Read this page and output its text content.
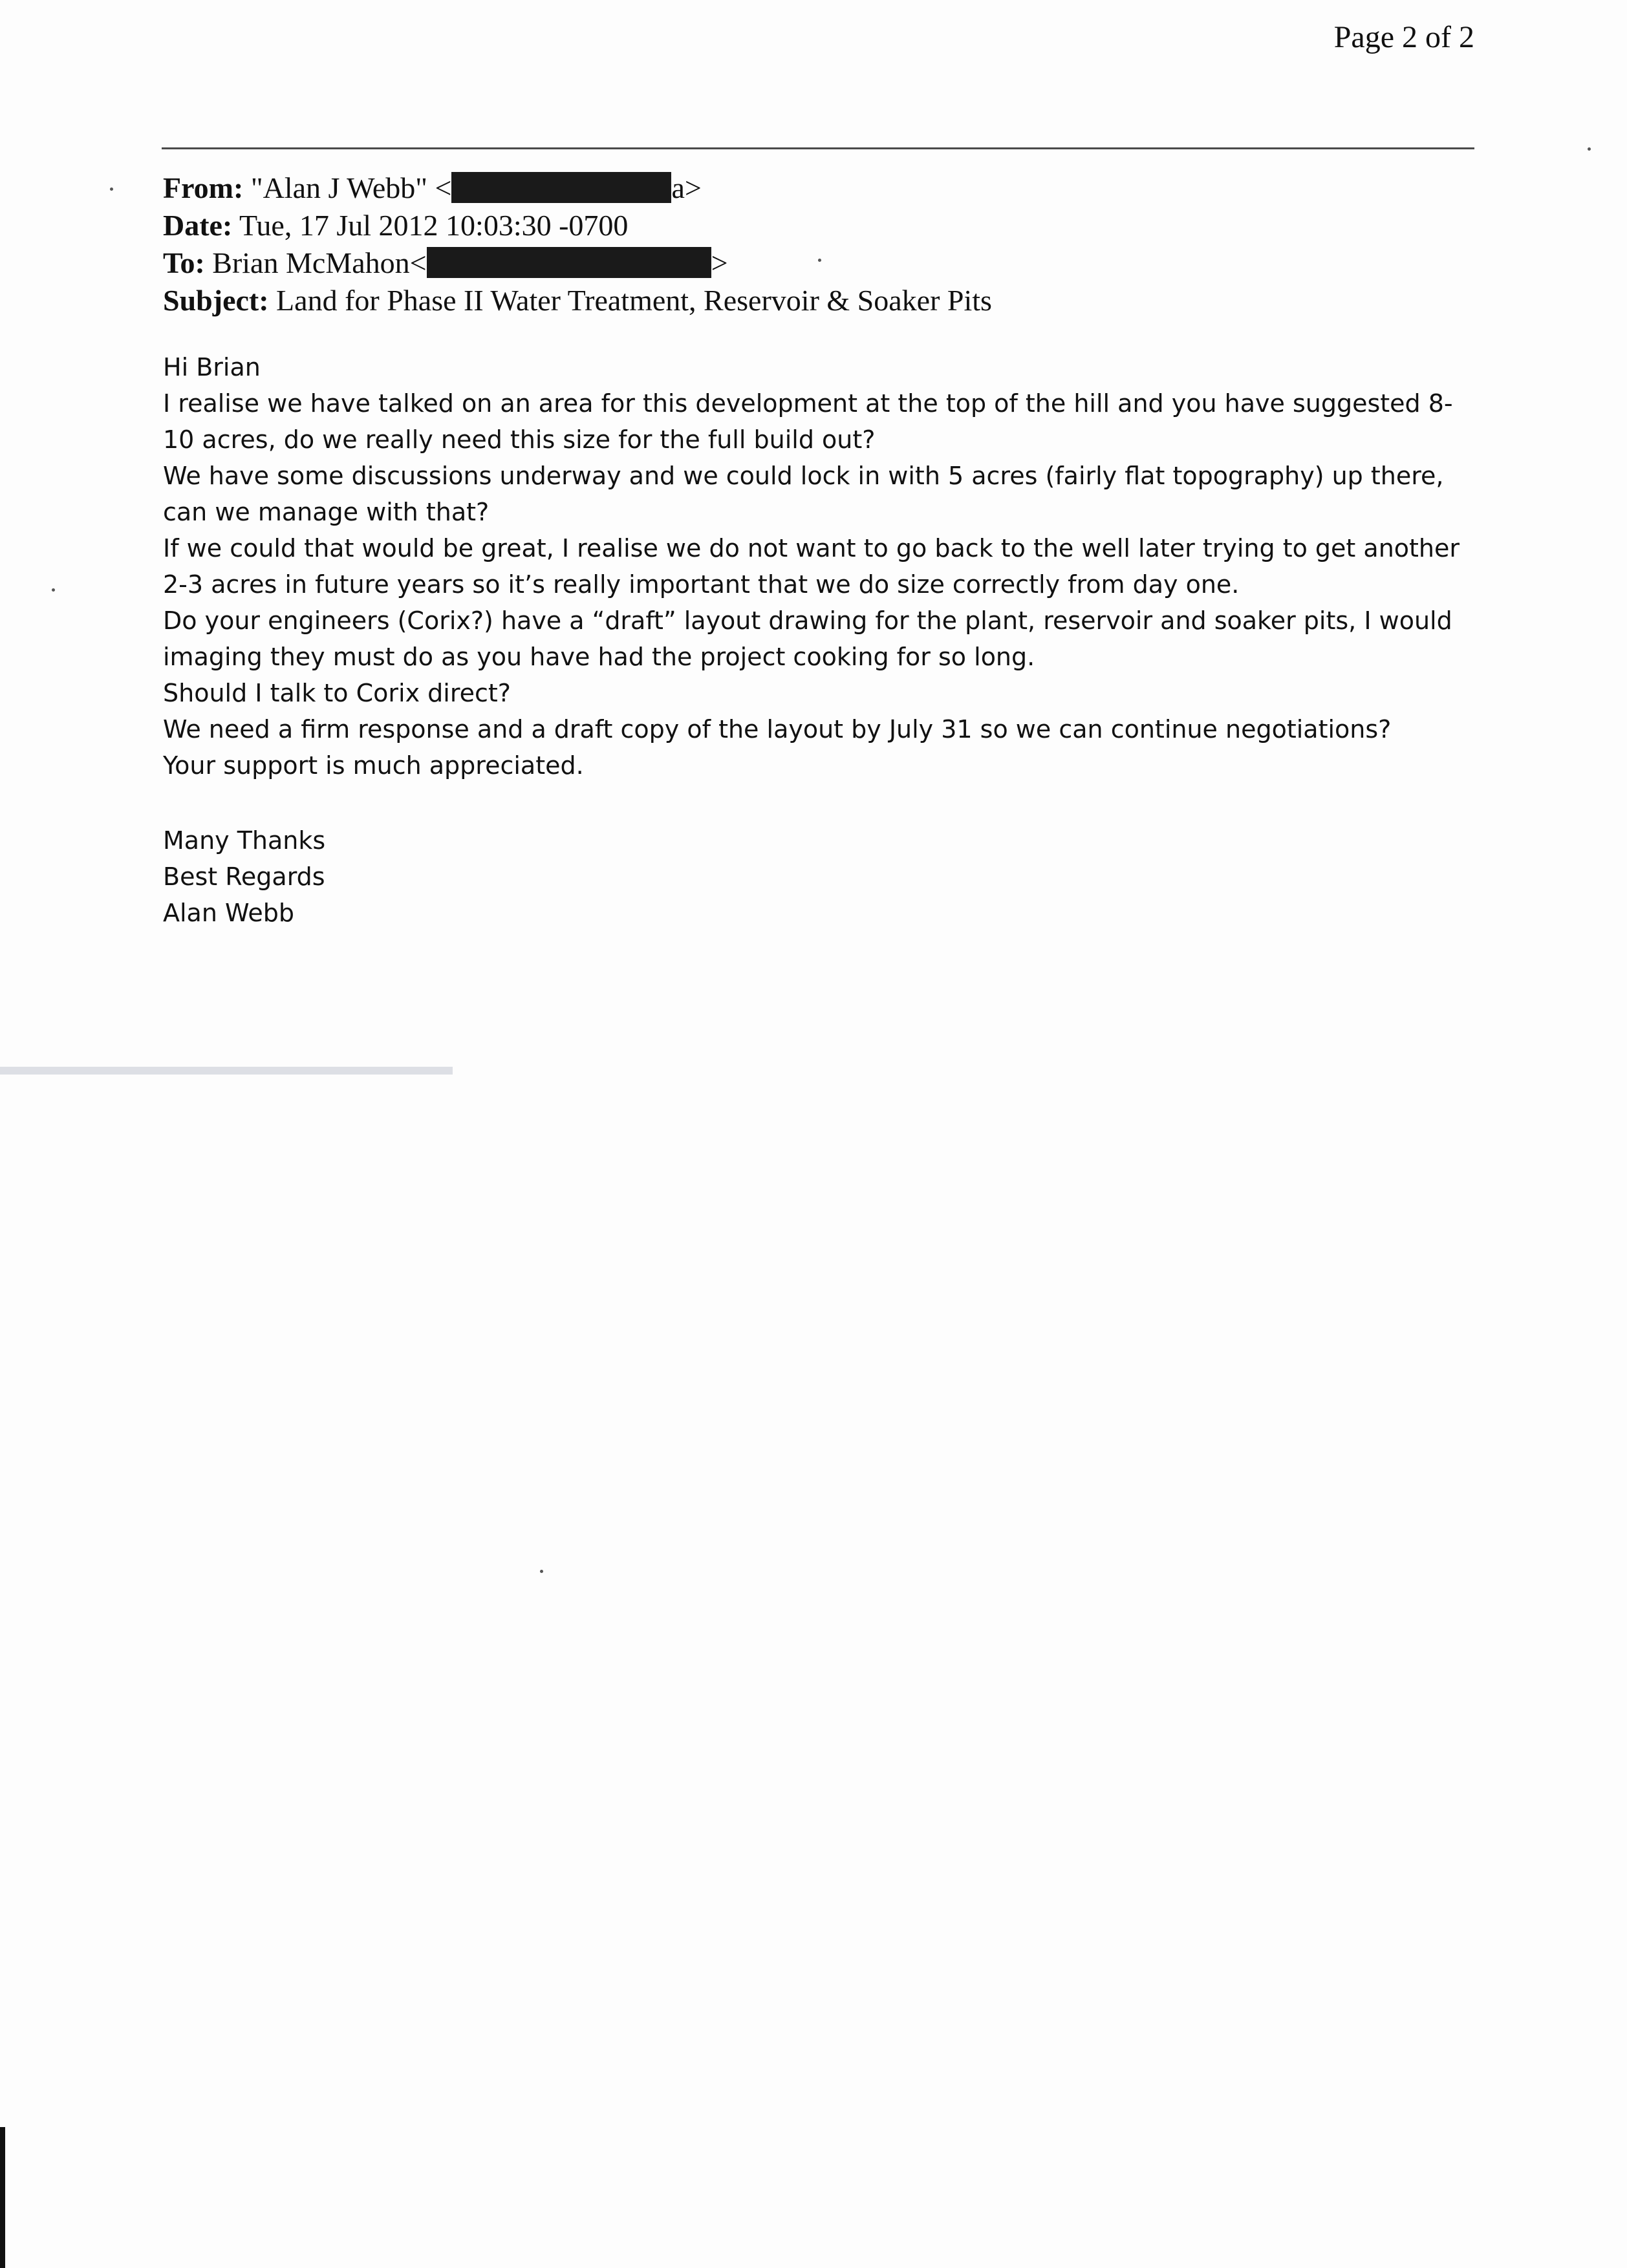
Page 2 of 2
From: "Alan J Webb" <	a>
Date: Tue, 17 Jul 2012 10:03:30 -0700
To: Brian McMahon<	>
Subject: Land for Phase II Water Treatment, Reservoir & Soaker Pits

Hi Brian

I realise we have talked on an area for this development at the top of the hill and you have suggested 8-10 acres, do we really need this size for the full build out?

We have some discussions underway and we could lock in with 5 acres (fairly flat topography) up there, can we manage with that?

If we could that would be great, I realise we do not want to go back to the well later trying to get another 2-3 acres in future years so it’s really important that we do size correctly from day one.

Do your engineers (Corix?) have a “draft” layout drawing for the plant, reservoir and soaker pits, I would imaging they must do as you have had the project cooking for so long.

Should I talk to Corix direct?

We need a firm response and a draft copy of the layout by July 31 so we can continue negotiations?

Your support is much appreciated.

Many Thanks

Best Regards

Alan Webb
